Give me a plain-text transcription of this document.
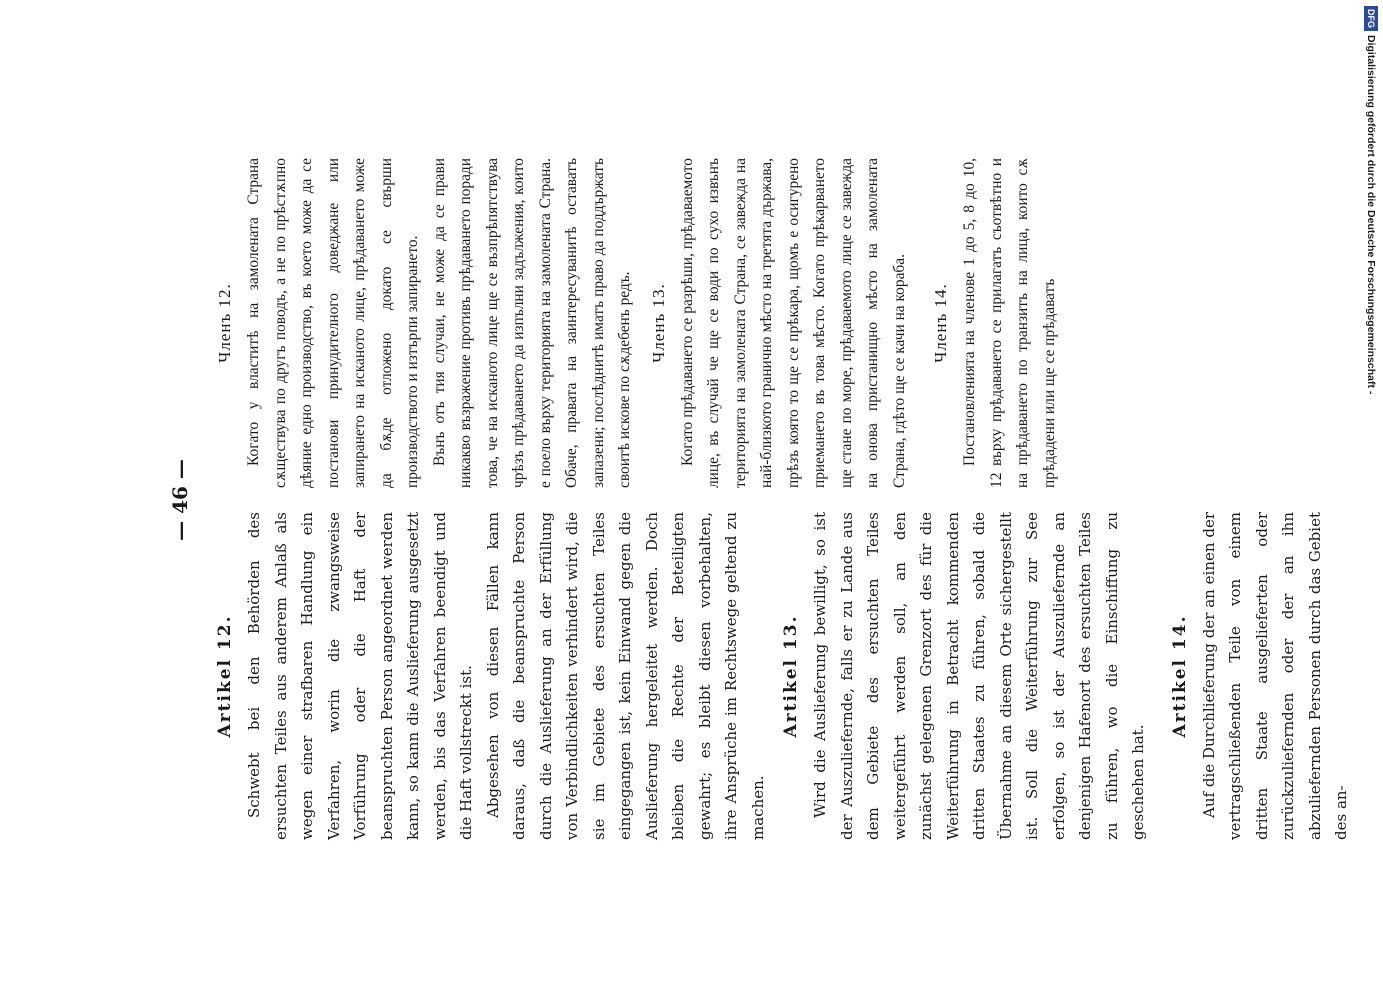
— 46 —
Artikel 12. Schwebt bei den Behörden des ersuchten Teiles aus anderem Anlaß als wegen einer strafbaren Handlung ein Verfahren, worin die zwangsweise Vorführung oder die Haft der beanspruchten Person angeordnet werden kann, so kann die Auslieferung ausgesetzt werden, bis das Verfahren beendigt und die Haft vollstreckt ist. Abgesehen von diesen Fällen kann daraus, daß die beanspruchte Person durch die Auslieferung an der Erfüllung von Verbindlichkeiten verhindert wird, die sie im Gebiete des ersuchten Teiles eingegangen ist, kein Einwand gegen die Auslieferung hergeleitet werden. Doch bleiben die Rechte der Beteiligten gewahrt; es bleibt diesen vorbehalten, ihre Ansprüche im Rechtswege geltend zu machen.

Artikel 13. Wird die Auslieferung bewilligt, so ist der Auszuliefernde, falls er zu Lande aus dem Gebiete des ersuchten Teiles weitergeführt werden soll, an den zunächst gelegenen Grenzort des für die Weiterführung in Betracht kommenden dritten Staates zu führen, sobald die Übernahme an diesem Orte sichergestellt ist. Soll die Weiterführung zur See erfolgen, so ist der Auszuliefernde an denjenigen Hafenort des ersuchten Teiles zu führen, wo die Einschiffung zu geschehen hat.

Artikel 14. Auf die Durchlieferung der an einen der vertragschließenden Teile von einem dritten Staate ausgelieferten oder zurückzuliefernden oder der an ihn abzuliefernden Personen durch das Gebiet des an-

Членъ 12. Когато у властитѣ на замолената Страна сѫществува по другъ поводъ, а не по прѣстѫпно дѣяние едно производство, въ което може да се постанови принудителного доведжане или запирането на исканото лице, прѣдаването може да бѫде отложено докато се свърши производството и изтърпи запирането. Вънъ отъ тия случаи, не може да се прави никакво възражение противъ прѣдаването поради това, че на исканото лице ще се възпрѣпятствува чрѣзъ прѣдаването да изпълни задължения, които е поело върху територията на замолената Страна. Обаче, правата на заинтересуванитѣ оставатъ запазени; послѣднитѣ иматъ право да поддържатъ своитѣ искове по сѫдебенъ редъ. Членъ 13. Когато прѣдаването се разрѣши, прѣдаваемото лице, въ случай че ще се води по сухо извънъ територията на замолената Страна, се завежда на най-близкото гранично мѣсто на третята държава, прѣзъ която то ще се прѣкара, щомъ е осигурено приемането въ това мѣсто. Когато прѣкарването ще стане по море, прѣдаваемото лице се завежда на онова пристанищно мѣсто на замолената Страна, гдѣто ще се качи на кораба.	Членъ 14. Постановленията на членове 1 до 5, 8 до 10, 12 върху прѣдаването се прилагатъ съотвѣтно и на прѣдаването по транзитъ на лица, които сѫ прѣдадени или ще се прѣдаватъ

DFGDigitalisierung gefördert durch die Deutsche Forschungsgemeinschaft -
